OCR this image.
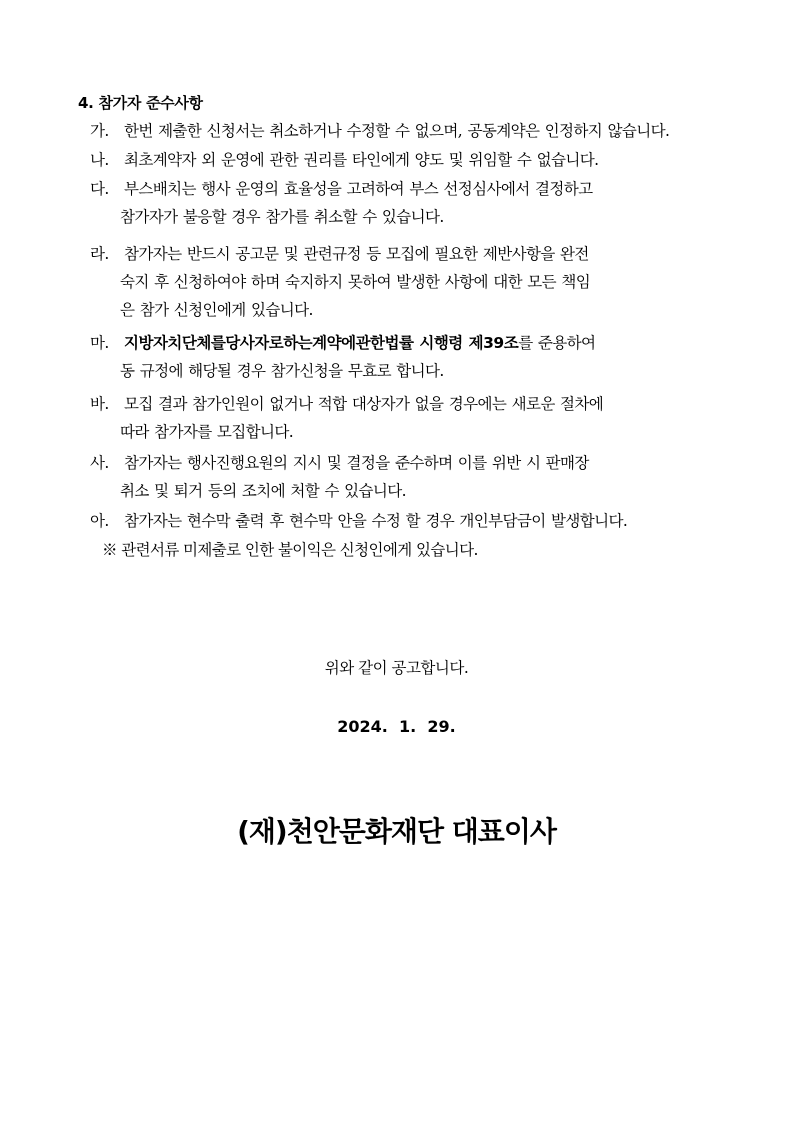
4. 참가자 준수사항
가. 한번 제출한 신청서는 취소하거나 수정할 수 없으며, 공동계약은 인정하지 않습니다.
나. 최초계약자 외 운영에 관한 권리를 타인에게 양도 및 위임할 수 없습니다.
다. 부스배치는 행사 운영의 효율성을 고려하여 부스 선정심사에서 결정하고
참가자가 불응할 경우 참가를 취소할 수 있습니다.
라. 참가자는 반드시 공고문 및 관련규정 등 모집에 필요한 제반사항을 완전
숙지 후 신청하여야 하며 숙지하지 못하여 발생한 사항에 대한 모든 책임
은 참가 신청인에게 있습니다.
마. 지방자치단체를당사자로하는계약에관한법률 시행령 제39조를 준용하여
동 규정에 해당될 경우 참가신청을 무효로 합니다.
바. 모집 결과 참가인원이 없거나 적합 대상자가 없을 경우에는 새로운 절차에
따라 참가자를 모집합니다.
사. 참가자는 행사진행요원의 지시 및 결정을 준수하며 이를 위반 시 판매장
취소 및 퇴거 등의 조치에 처할 수 있습니다.
아. 참가자는 현수막 출력 후 현수막 안을 수정 할 경우 개인부담금이 발생합니다.
※ 관련서류 미제출로 인한 불이익은 신청인에게 있습니다.
위와 같이 공고합니다.
2024.  1.  29.
(재)천안문화재단 대표이사
